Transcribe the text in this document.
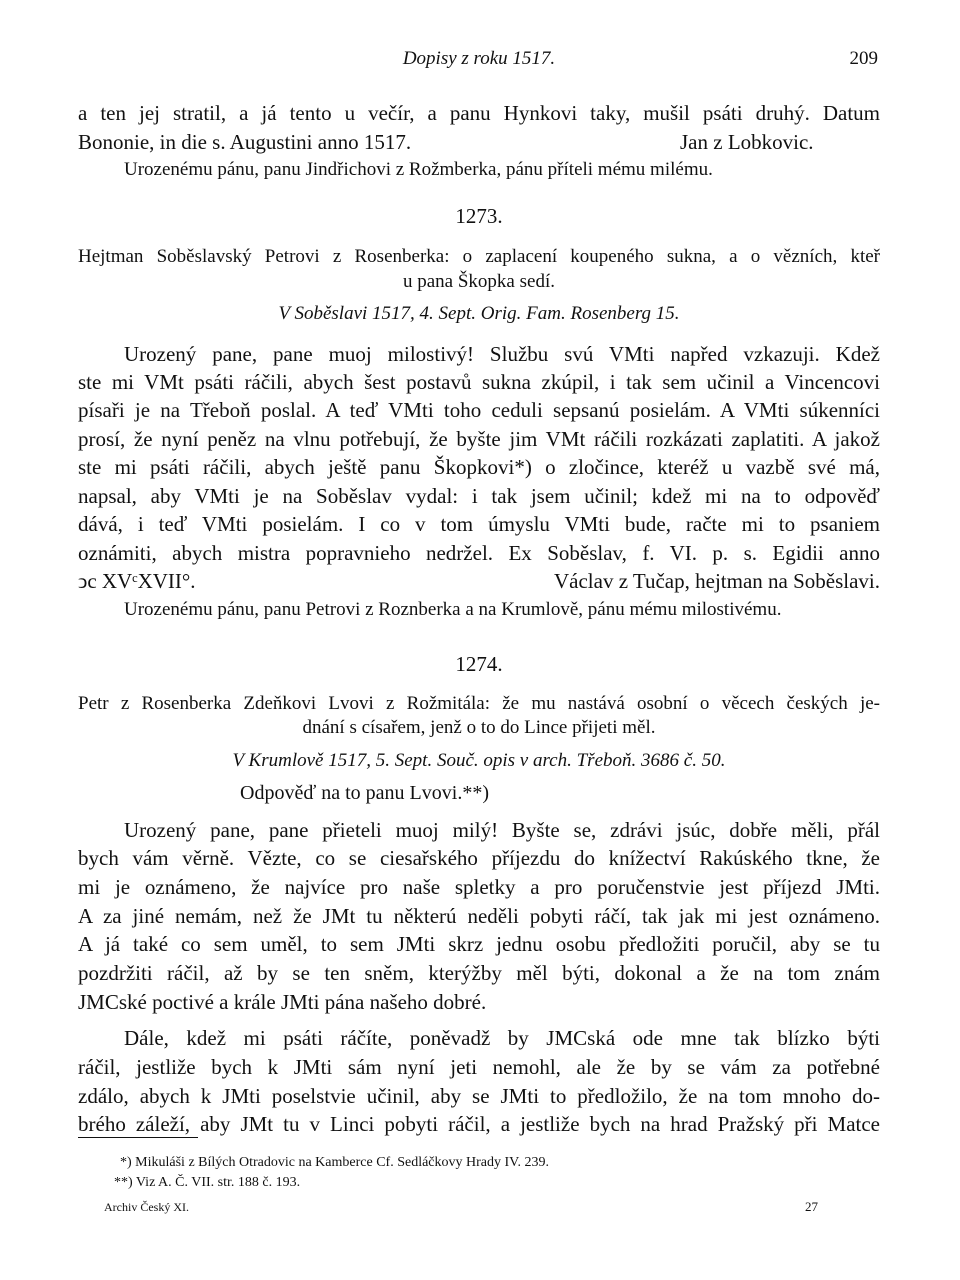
Dopisy z roku 1517.	209
a ten jej stratil, a já tento u večír, a panu Hynkovi taky, mušil psáti druhý. Datum
Bononie, in die s. Augustini anno 1517.	Jan z Lobkovic.
Urozenému pánu, panu Jindřichovi z Rožmberka, pánu příteli mému milému.
1273.
Hejtman Soběslavský Petrovi z Rosenberka: o zaplacení koupeného sukna, a o vězních, kteř
u pana Škopka sedí.
V Soběslavi 1517, 4. Sept. Orig. Fam. Rosenberg 15.
Urozený pane, pane muoj milostivý! Službu svú VMti napřed vzkazuji. Kdež
ste mi VMt psáti ráčili, abych šest postavů sukna zkúpil, i tak sem učinil a Vincencovi
písaři je na Třeboň poslal. A teď VMti toho ceduli sepsanú posielám. A VMti súkenníci
prosí, že nyní peněz na vlnu potřebují, že byšte jim VMt ráčili rozkázati zaplatiti. A jakož
ste mi psáti ráčili, abych ještě panu Škopkovi*) o zločince, kteréž u vazbě své má,
napsal, aby VMti je na Soběslav vydal: i tak jsem učinil; kdež mi na to odpověď
dává, i teď VMti posielám. I co v tom úmyslu VMti bude, račte mi to psaniem
oznámiti, abych mistra popravnieho nedržel. Ex Soběslav, f. VI. p. s. Egidii anno
ↄc XVᶜXVII°.	Václav z Tučap, hejtman na Soběslavi.
Urozenému pánu, panu Petrovi z Roznberka a na Krumlově, pánu mému milostivému.
1274.
Petr z Rosenberka Zdeňkovi Lvovi z Rožmitála: že mu nastává osobní o věcech českých je-
dnání s císařem, jenž o to do Lince přijeti měl.
V Krumlově 1517, 5. Sept. Souč. opis v arch. Třeboň. 3686 č. 50.
Odpověď na to panu Lvovi.**)
Urozený pane, pane přieteli muoj milý! Byšte se, zdrávi jsúc, dobře měli, přál
bych vám věrně. Vězte, co se ciesařského příjezdu do knížectví Rakúského tkne, že
mi je oznámeno, že najvíce pro naše spletky a pro poručenstvie jest příjezd JMti.
A za jiné nemám, než že JMt tu některú neděli pobyti ráčí, tak jak mi jest oznámeno.
A já také co sem uměl, to sem JMti skrz jednu osobu předložiti poručil, aby se tu
pozdržiti ráčil, až by se ten sněm, kterýžby měl býti, dokonal a že na tom znám
JMCské poctivé a krále JMti pána našeho dobré.
Dále, kdež mi psáti ráčíte, poněvadž by JMCská ode mne tak blízko býti
ráčil, jestliže bych k JMti sám nyní jeti nemohl, ale že by se vám za potřebné
zdálo, abych k JMti poselstvie učinil, aby se JMti to předložilo, že na tom mnoho do-
brého záleží, aby JMt tu v Linci pobyti ráčil, a jestliže bych na hrad Pražský při Matce
*) Mikuláši z Bílých Otradovic na Kamberce Cf. Sedláčkovy Hrady IV. 239.
**) Viz A. Č. VII. str. 188 č. 193.
Archiv Český XI.	27
